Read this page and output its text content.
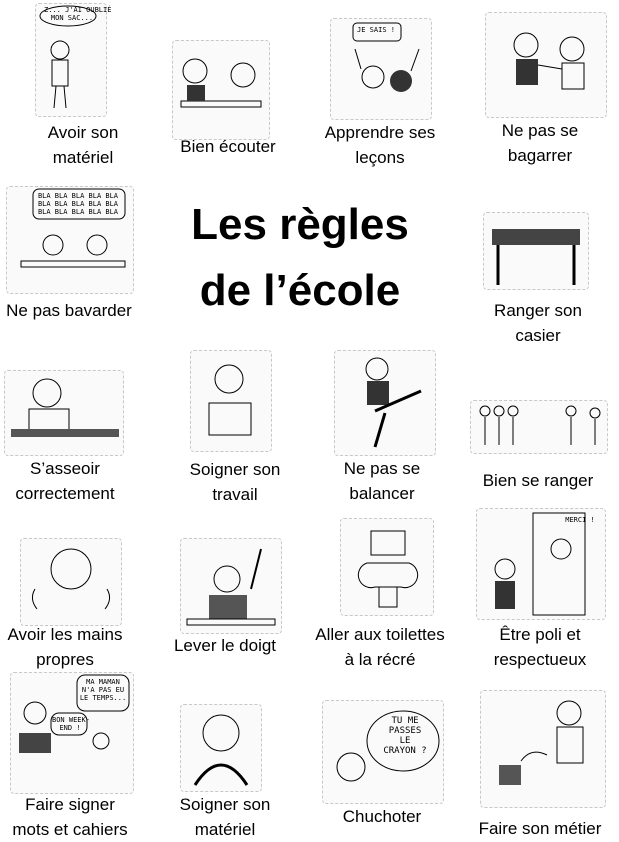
Les règles
de l’école
Z... J'AI OUBLIÉ
MON SAC...
Avoir son
matériel
Bien écouter
JE SAIS !
Apprendre ses
leçons
Ne pas se
bagarrer
BLA BLA BLA BLA BLA
BLA BLA BLA BLA BLA
BLA BLA BLA BLA BLA
Ne pas bavarder	Ranger son
casier
S’asseoir
correctement
Soigner son
travail
Ne pas se
balancer
Bien se ranger
Avoir les mains
propres
Lever le doigt
Aller aux toilettes
à la récré
MERCI !
Être poli et
respectueux
MA MAMAN
N'A PAS EU
LE TEMPS...
BON WEEK-
END !
Faire signer
mots et cahiers
Soigner son
matériel
TU ME
PASSES
LE
CRAYON ?
Chuchoter
Faire son métier
